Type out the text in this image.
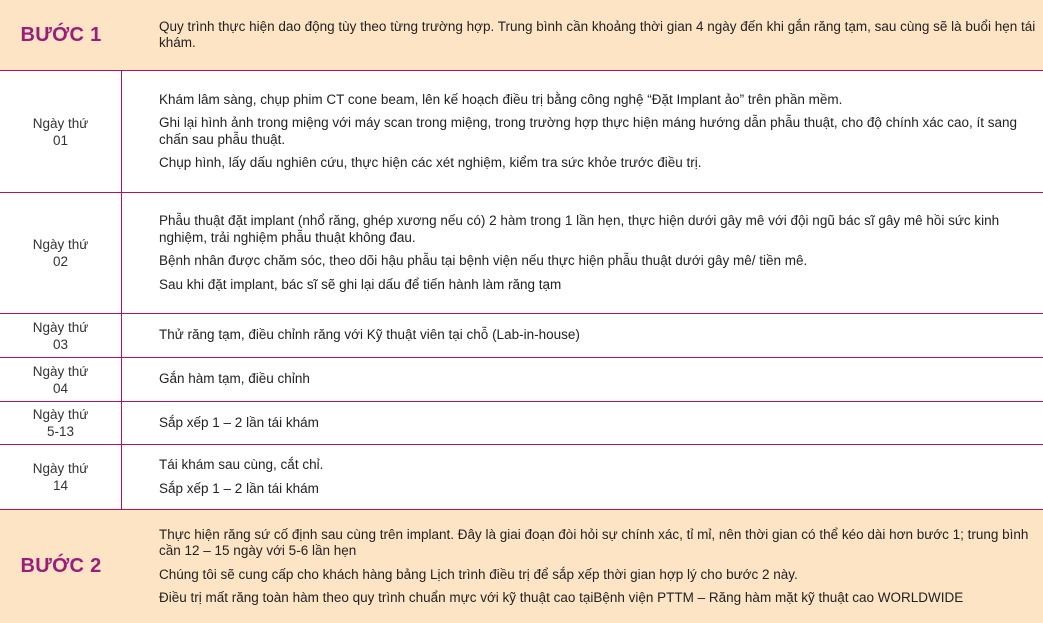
BƯỚC 1	Quy trình thực hiện dao động tùy theo từng trường hợp. Trung bình cần khoảng thời gian 4 ngày đến khi gắn răng tạm, sau cùng sẽ là buổi hẹn tái khám.

Ngày thứ
01

Khám lâm sàng, chụp phim CT cone beam, lên kế hoạch điều trị bằng công nghệ “Đặt Implant ảo” trên phần mềm.

Ghi lại hình ảnh trong miệng với máy scan trong miệng, trong trường hợp thực hiện máng hướng dẫn phẫu thuật, cho độ chính xác cao, ít sang chấn sau phẫu thuật.

Chụp hình, lấy dấu nghiên cứu, thực hiện các xét nghiệm, kiểm tra sức khỏe trước điều trị.

Ngày thứ
02

Phẫu thuật đặt implant (nhổ răng, ghép xương nếu có) 2 hàm trong 1 lần hẹn, thực hiện dưới gây mê với đội ngũ bác sĩ gây mê hồi sức kinh nghiệm, trải nghiệm phẫu thuật không đau.

Bệnh nhân được chăm sóc, theo dõi hậu phẫu tại bệnh viện nếu thực hiện phẫu thuật dưới gây mê/ tiền mê.

Sau khi đặt implant, bác sĩ sẽ ghi lại dấu để tiến hành làm răng tạm

Ngày thứ
03

Thử răng tạm, điều chỉnh răng với Kỹ thuật viên tại chỗ (Lab-in-house)

Ngày thứ
04

Gắn hàm tạm, điều chỉnh

Ngày thứ
5-13

Sắp xếp 1 – 2 lần tái khám

Ngày thứ
14

Tái khám sau cùng, cắt chỉ.

Sắp xếp 1 – 2 lần tái khám

BƯỚC 2

Thực hiện răng sứ cố định sau cùng trên implant. Đây là giai đoạn đòi hỏi sự chính xác, tỉ mỉ, nên thời gian có thể kéo dài hơn bước 1; trung bình cần 12 – 15 ngày với 5-6 lần hẹn

Chúng tôi sẽ cung cấp cho khách hàng bảng Lịch trình điều trị để sắp xếp thời gian hợp lý cho bước 2 này.

Điều trị mất răng toàn hàm theo quy trình chuẩn mực với kỹ thuật cao tạiBệnh viện PTTM – Răng hàm mặt kỹ thuật cao WORLDWIDE
